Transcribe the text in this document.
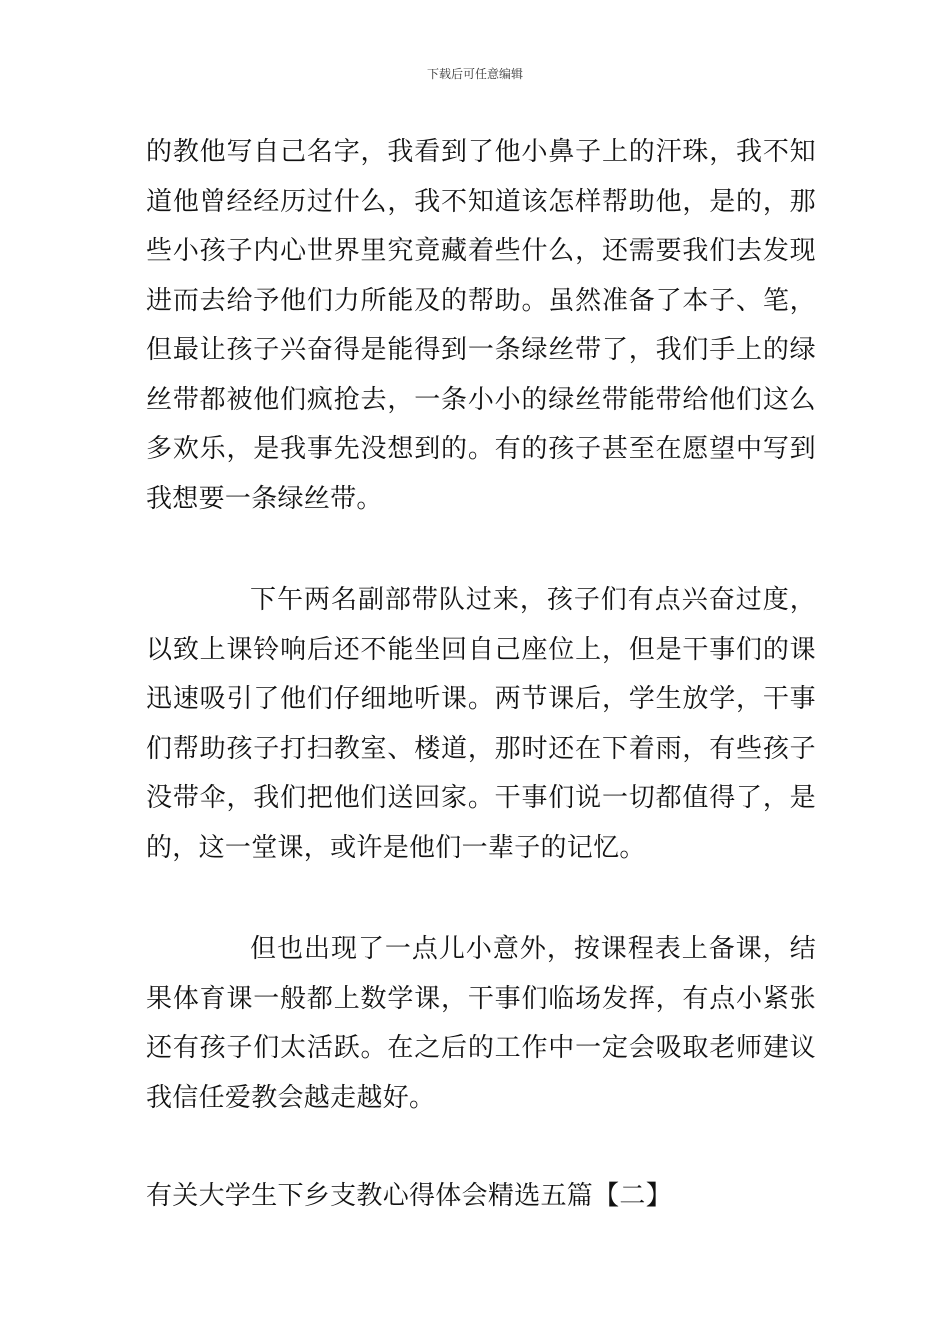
下载后可任意编辑

的教他写自己名字，我看到了他小鼻子上的汗珠，我不知道他曾经经历过什么，我不知道该怎样帮助他，是的，那些小孩子内心世界里究竟藏着些什么，还需要我们去发现进而去给予他们力所能及的帮助。虽然准备了本子、笔，但最让孩子兴奋得是能得到一条绿丝带了，我们手上的绿丝带都被他们疯抢去，一条小小的绿丝带能带给他们这么多欢乐，是我事先没想到的。有的孩子甚至在愿望中写到我想要一条绿丝带。

下午两名副部带队过来，孩子们有点兴奋过度，以致上课铃响后还不能坐回自己座位上，但是干事们的课迅速吸引了他们仔细地听课。两节课后，学生放学，干事们帮助孩子打扫教室、楼道，那时还在下着雨，有些孩子没带伞，我们把他们送回家。干事们说一切都值得了，是的，这一堂课，或许是他们一辈子的记忆。

但也出现了一点儿小意外，按课程表上备课，结果体育课一般都上数学课，干事们临场发挥，有点小紧张还有孩子们太活跃。在之后的工作中一定会吸取老师建议我信任爱教会越走越好。

有关大学生下乡支教心得体会精选五篇【二】
